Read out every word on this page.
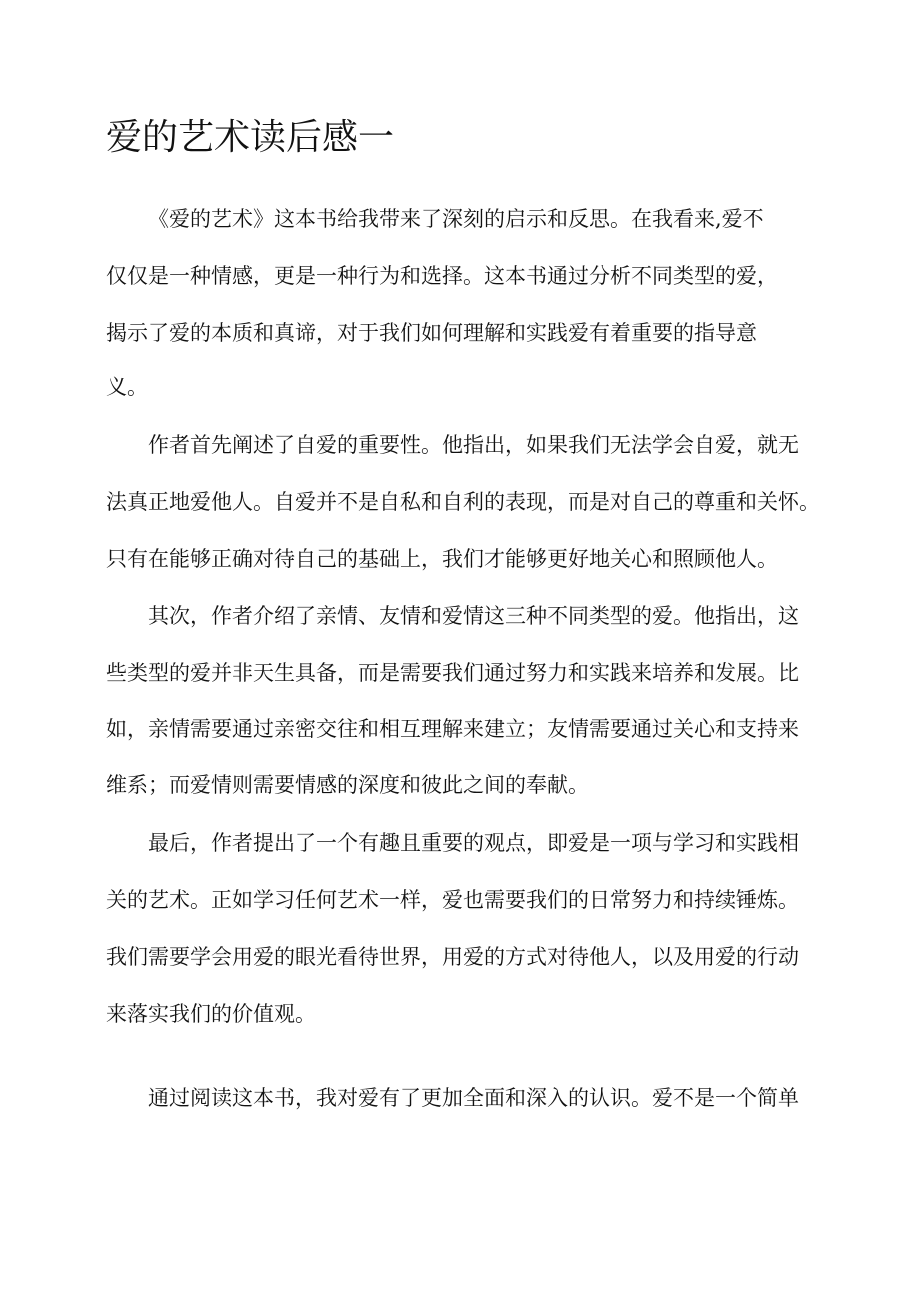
爱的艺术读后感一

《爱的艺术》这本书给我带来了深刻的启示和反思。在我看来,爱不

仅仅是一种情感，更是一种行为和选择。这本书通过分析不同类型的爱，

揭示了爱的本质和真谛，对于我们如何理解和实践爱有着重要的指导意

义。

作者首先阐述了自爱的重要性。他指出，如果我们无法学会自爱，就无

法真正地爱他人。自爱并不是自私和自利的表现，而是对自己的尊重和关怀。

只有在能够正确对待自己的基础上，我们才能够更好地关心和照顾他人。

其次，作者介绍了亲情、友情和爱情这三种不同类型的爱。他指出，这

些类型的爱并非天生具备，而是需要我们通过努力和实践来培养和发展。比

如，亲情需要通过亲密交往和相互理解来建立；友情需要通过关心和支持来

维系；而爱情则需要情感的深度和彼此之间的奉献。

最后，作者提出了一个有趣且重要的观点，即爱是一项与学习和实践相

关的艺术。正如学习任何艺术一样，爱也需要我们的日常努力和持续锤炼。

我们需要学会用爱的眼光看待世界，用爱的方式对待他人，以及用爱的行动

来落实我们的价值观。

通过阅读这本书，我对爱有了更加全面和深入的认识。爱不是一个简单
